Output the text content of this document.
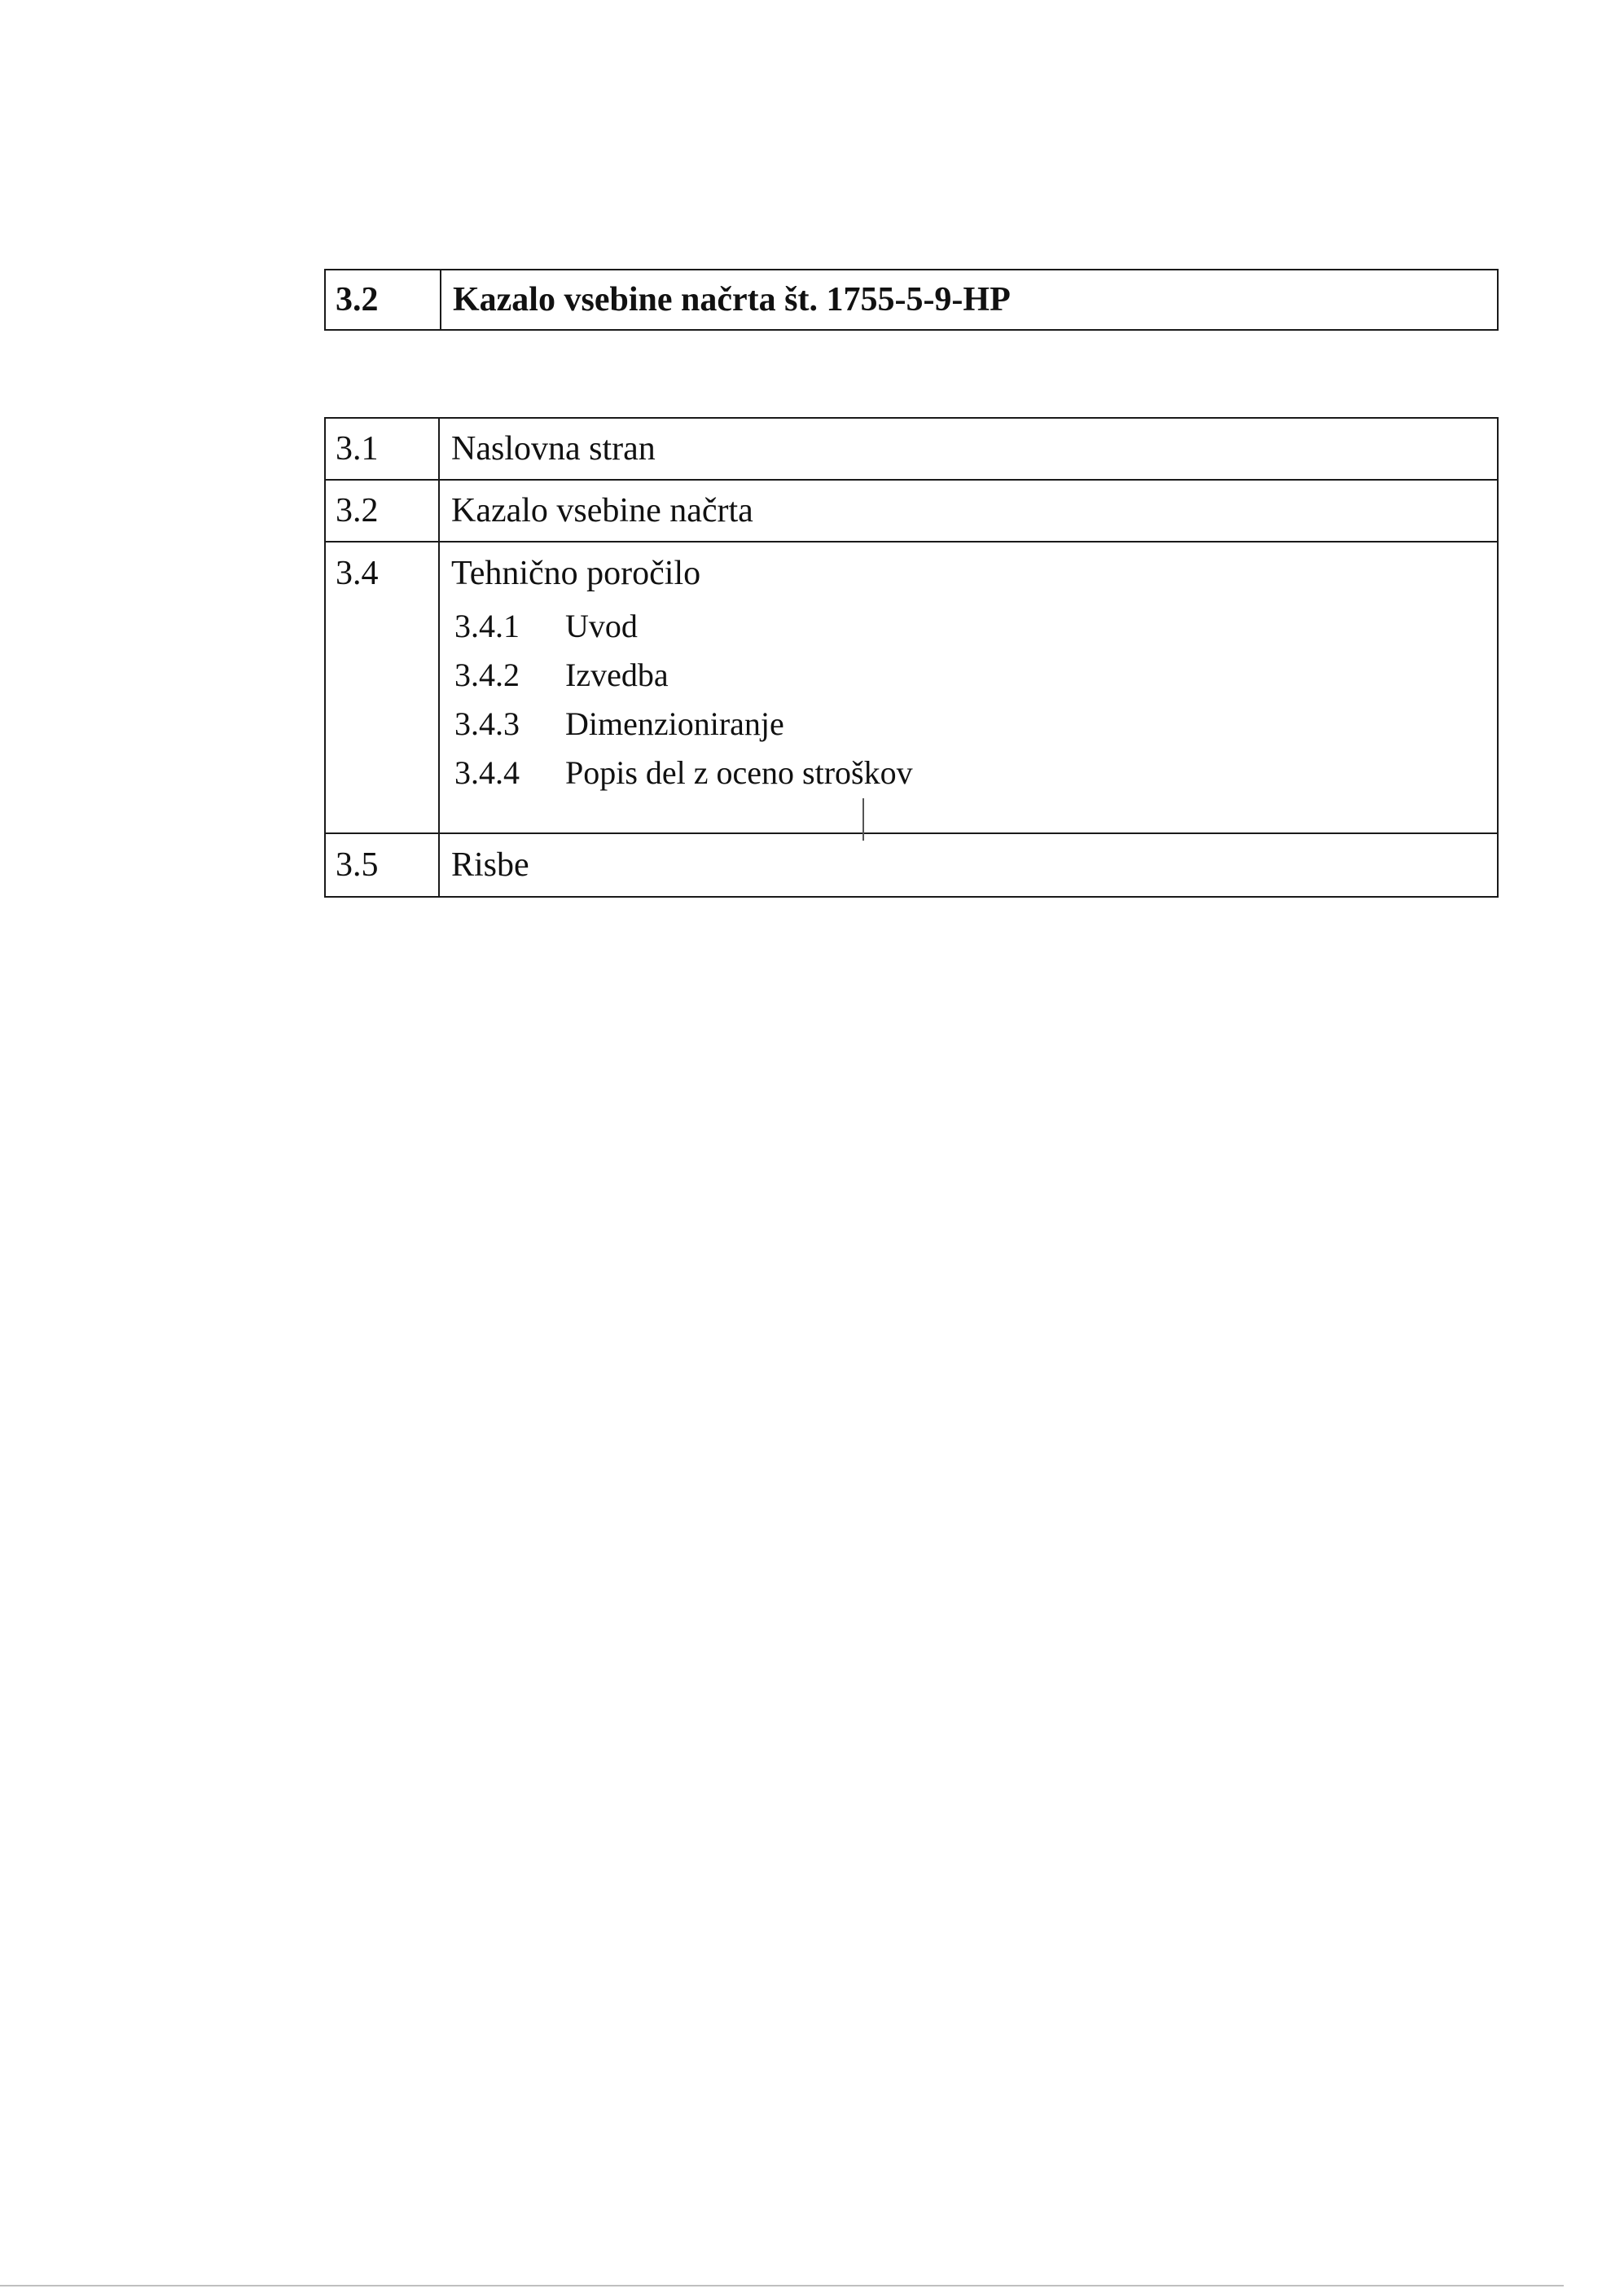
3.2	Kazalo vsebine načrta št. 1755-5-9-HP
3.1	Naslovna stran
3.2	Kazalo vsebine načrta
3.4	Tehnično poročilo
3.4.1	Uvod
3.4.2	Izvedba
3.4.3	Dimenzioniranje
3.4.4	Popis del z oceno stroškov
3.5	Risbe
